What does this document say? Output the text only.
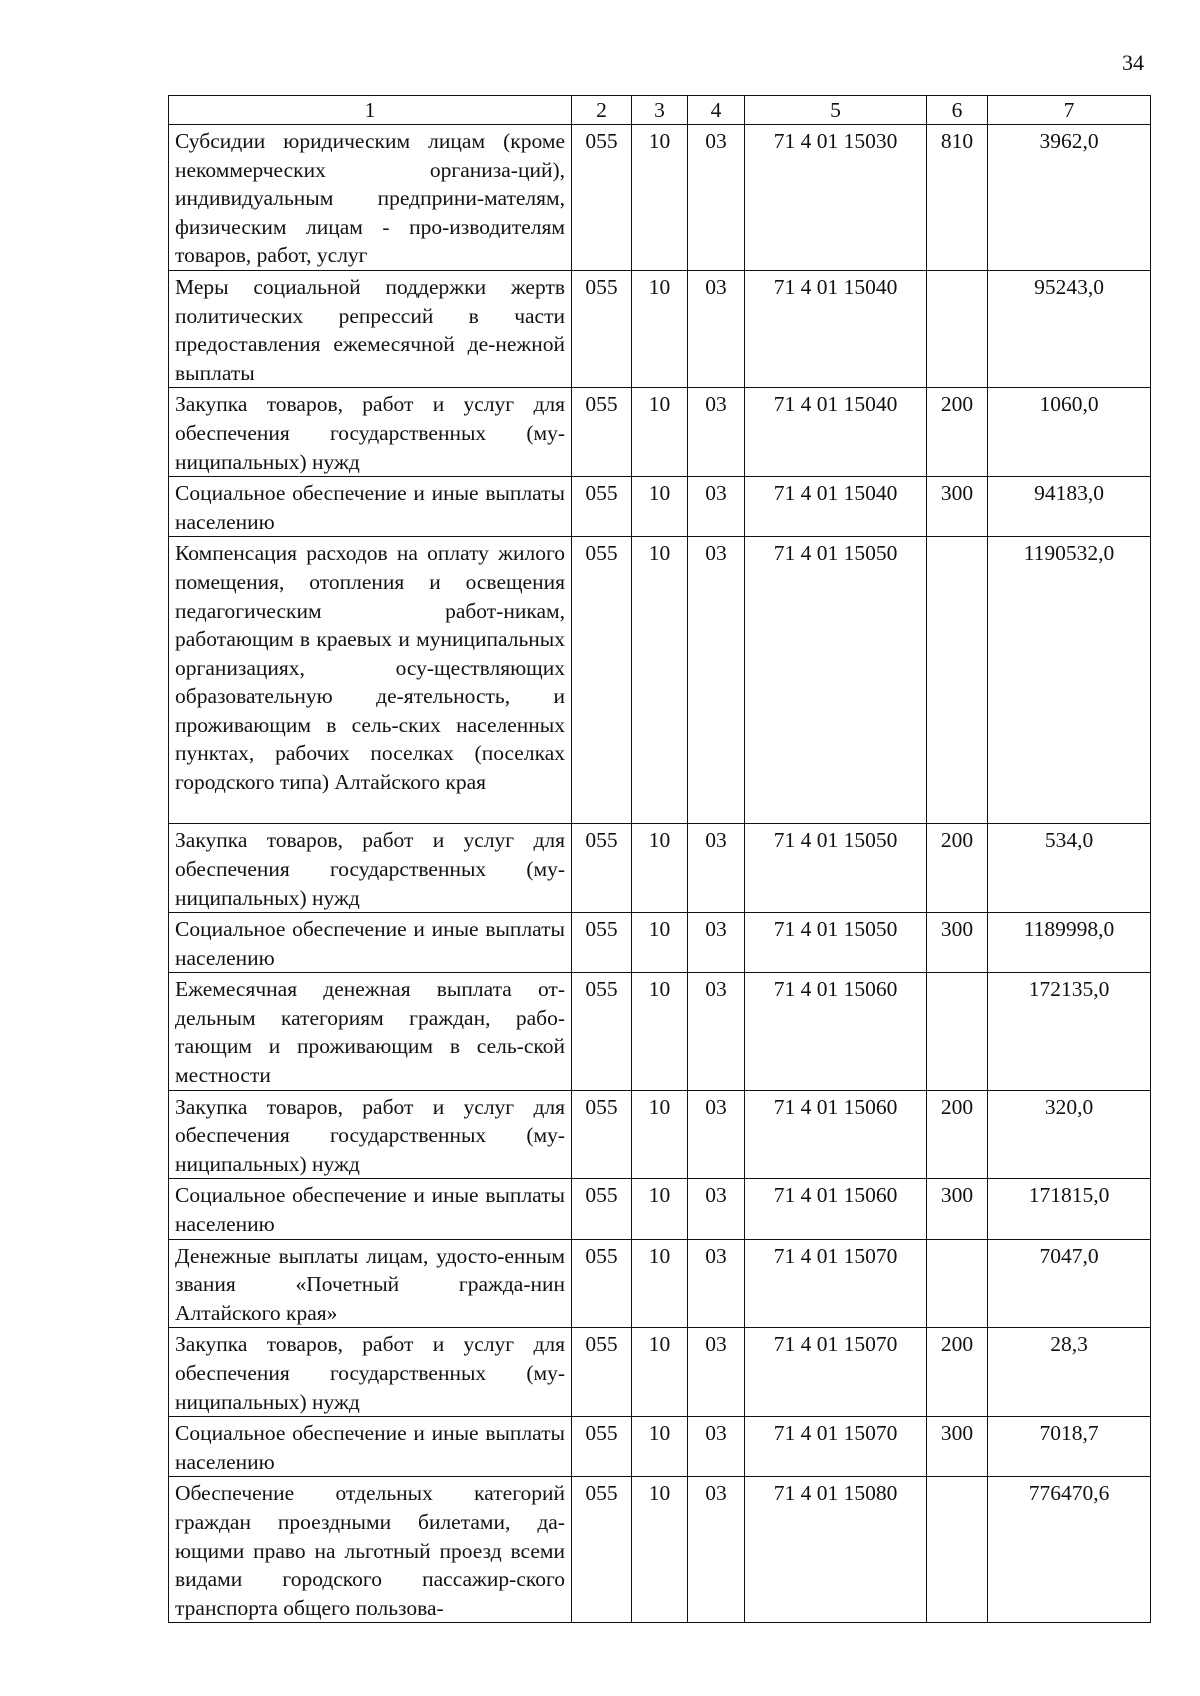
34
1	2	3	4	5	6	7

Субсидии юридическим лицам (кроме некоммерческих организа-ций), индивидуальным предприни-мателям, физическим лицам - про-изводителям товаров, работ, услуг	055	10	03	71 4 01 15030	810	3962,0

Меры социальной поддержки жертв политических репрессий в части предоставления ежемесячной де-нежной выплаты	055	10	03	71 4 01 15040		95243,0

Закупка товаров, работ и услуг для обеспечения государственных (му-ниципальных) нужд	055	10	03	71 4 01 15040	200	1060,0

Социальное обеспечение и иные выплаты населению	055	10	03	71 4 01 15040	300	94183,0

Компенсация расходов на оплату жилого помещения, отопления и освещения педагогическим работ-никам, работающим в краевых и муниципальных организациях, осу-ществляющих образовательную де-ятельность, и проживающим в сель-ских населенных пунктах, рабочих поселках (поселках городского типа) Алтайского края	055	10	03	71 4 01 15050		1190532,0

Закупка товаров, работ и услуг для обеспечения государственных (му-ниципальных) нужд	055	10	03	71 4 01 15050	200	534,0

Социальное обеспечение и иные выплаты населению	055	10	03	71 4 01 15050	300	1189998,0

Ежемесячная денежная выплата от-дельным категориям граждан, рабо-тающим и проживающим в сель-ской местности	055	10	03	71 4 01 15060		172135,0

Закупка товаров, работ и услуг для обеспечения государственных (му-ниципальных) нужд	055	10	03	71 4 01 15060	200	320,0

Социальное обеспечение и иные выплаты населению	055	10	03	71 4 01 15060	300	171815,0

Денежные выплаты лицам, удосто-енным звания «Почетный гражда-нин Алтайского края»	055	10	03	71 4 01 15070		7047,0

Закупка товаров, работ и услуг для обеспечения государственных (му-ниципальных) нужд	055	10	03	71 4 01 15070	200	28,3

Социальное обеспечение и иные выплаты населению	055	10	03	71 4 01 15070	300	7018,7

Обеспечение отдельных категорий граждан проездными билетами, да-ющими право на льготный проезд всеми видами городского пассажир-ского транспорта общего пользова-	055	10	03	71 4 01 15080		776470,6
